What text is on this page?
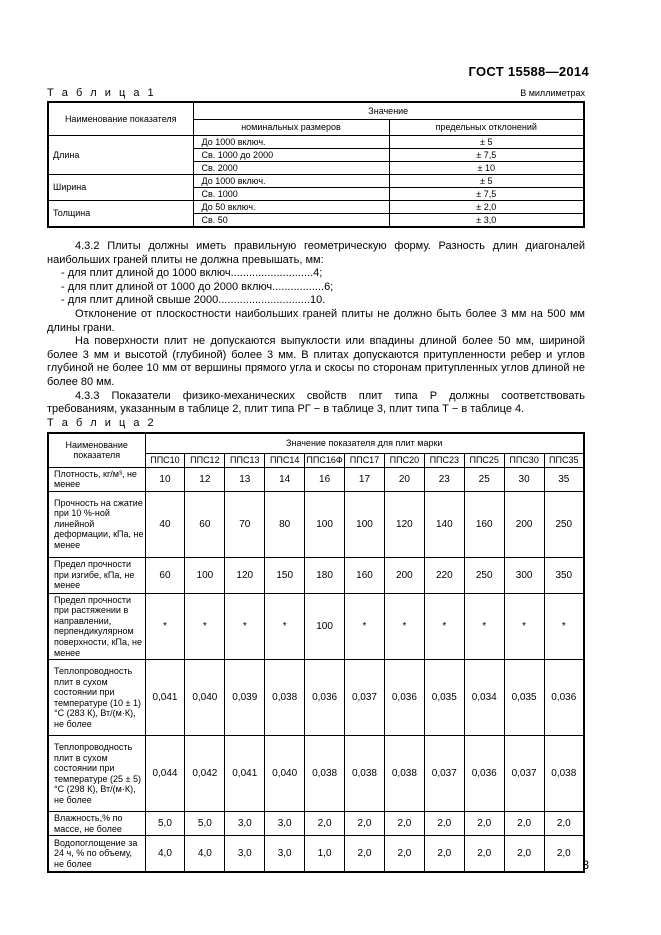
ГОСТ 15588—2014
Т а б л и ц а 1	В миллиметрах
Наименование показателя	Значение	
	номинальных размеров	предельных отклонений
Длина	До 1000 включ.	± 5
	Св. 1000 до 2000	± 7,5
	Св. 2000	± 10
Ширина	До 1000 включ.	± 5
	Св. 1000	± 7,5
Толщина	До 50 включ.	± 2,0
	Св. 50	± 3,0

4.3.2 Плиты должны иметь правильную геометрическую форму. Разность длин диагоналей наибольших граней плиты не должна превышать, мм:

- для плит длиной до 1000 включ...........................4;

- для плит длиной от 1000 до 2000 включ.................6;

- для плит длиной свыше 2000..............................10.

Отклонение от плоскостности наибольших граней плиты не должно быть более 3 мм на 500 мм длины грани.

На поверхности плит не допускаются выпуклости или впадины длиной более 50 мм, шириной более 3 мм и высотой (глубиной) более 3 мм. В плитах допускаются притупленности ребер и углов глубиной не более 10 мм от вершины прямого угла и скосы по сторонам притупленных углов длиной не более 80 мм.

4.3.3 Показатели физико-механических свойств плит типа Р должны соответствовать требованиям, указанным в таблице 2, плит типа РГ − в таблице 3, плит типа Т − в таблице 4.

Т а б л и ц а 2
Наименование показателя	Значение показателя для плит марки										
	ППС10	ППС12	ППС13	ППС14	ППС16Ф	ППС17	ППС20	ППС23	ППС25	ППС30	ППС35
Плотность, кг/м³, не менее	10	12	13	14	16	17	20	23	25	30	35
Прочность на сжатие при 10 %-ной линейной деформации, кПа, не менее	40	60	70	80	100	100	120	140	160	200	250
Предел прочности при изгибе, кПа, не менее	60	100	120	150	180	160	200	220	250	300	350
Предел прочности при растяжении в направлении, перпендикулярном поверхности, кПа, не менее	*	*	*	*	100	*	*	*	*	*	*
Теплопроводность плит в сухом состоянии при температуре (10 ± 1) °С (283 К), Вт/(м·К), не более	0,041	0,040	0,039	0,038	0,036	0,037	0,036	0,035	0,034	0,035	0,036
Теплопроводность плит в сухом состоянии при температуре (25 ± 5) °С (298 К), Вт/(м·К), не более	0,044	0,042	0,041	0,040	0,038	0,038	0,038	0,037	0,036	0,037	0,038
Влажность,% по массе, не более	5,0	5,0	3,0	3,0	2,0	2,0	2,0	2,0	2,0	2,0	2,0
Водопоглощение за 24 ч, % по объему, не более	4,0	4,0	3,0	3,0	1,0	2,0	2,0	2,0	2,0	2,0	2,0
3
